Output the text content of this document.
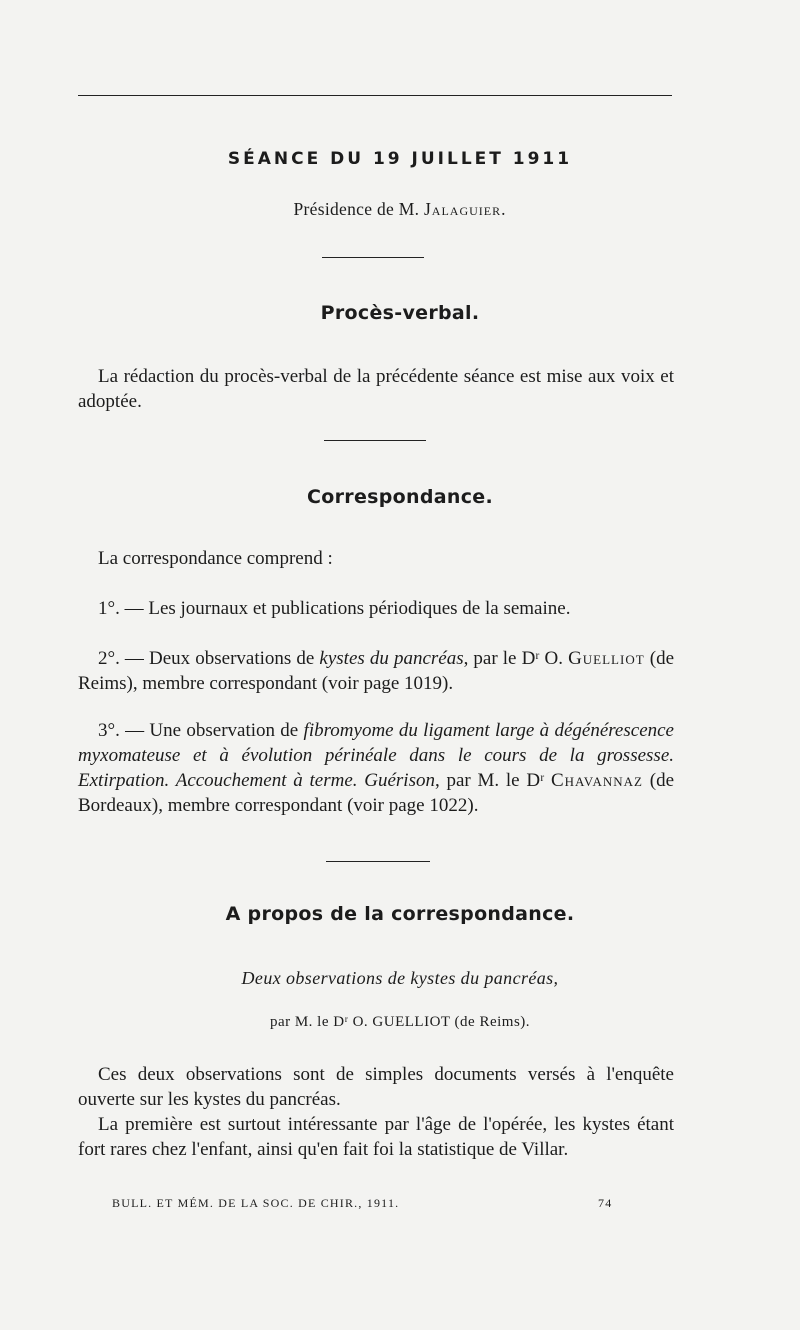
SÉANCE DU 19 JUILLET 1911
Présidence de M. Jalaguier.
Procès-verbal.

La rédaction du procès-verbal de la précédente séance est mise aux voix et adoptée.

Correspondance.

La correspondance comprend :

1°. — Les journaux et publications périodiques de la semaine.

2°. — Deux observations de kystes du pancréas, par le Dʳ O. Guelliot (de Reims), membre correspondant (voir page 1019).

3°. — Une observation de fibromyome du ligament large à dégénérescence myxomateuse et à évolution périnéale dans le cours de la grossesse. Extirpation. Accouchement à terme. Guérison, par M. le Dʳ Chavannaz (de Bordeaux), membre correspondant (voir page 1022).

A propos de la correspondance.
Deux observations de kystes du pancréas,
par M. le Dʳ O. GUELLIOT (de Reims).

Ces deux observations sont de simples documents versés à l'enquête ouverte sur les kystes du pancréas.

La première est surtout intéressante par l'âge de l'opérée, les kystes étant fort rares chez l'enfant, ainsi qu'en fait foi la statistique de Villar.

BULL. ET MÉM. DE LA SOC. DE CHIR., 1911.	74
